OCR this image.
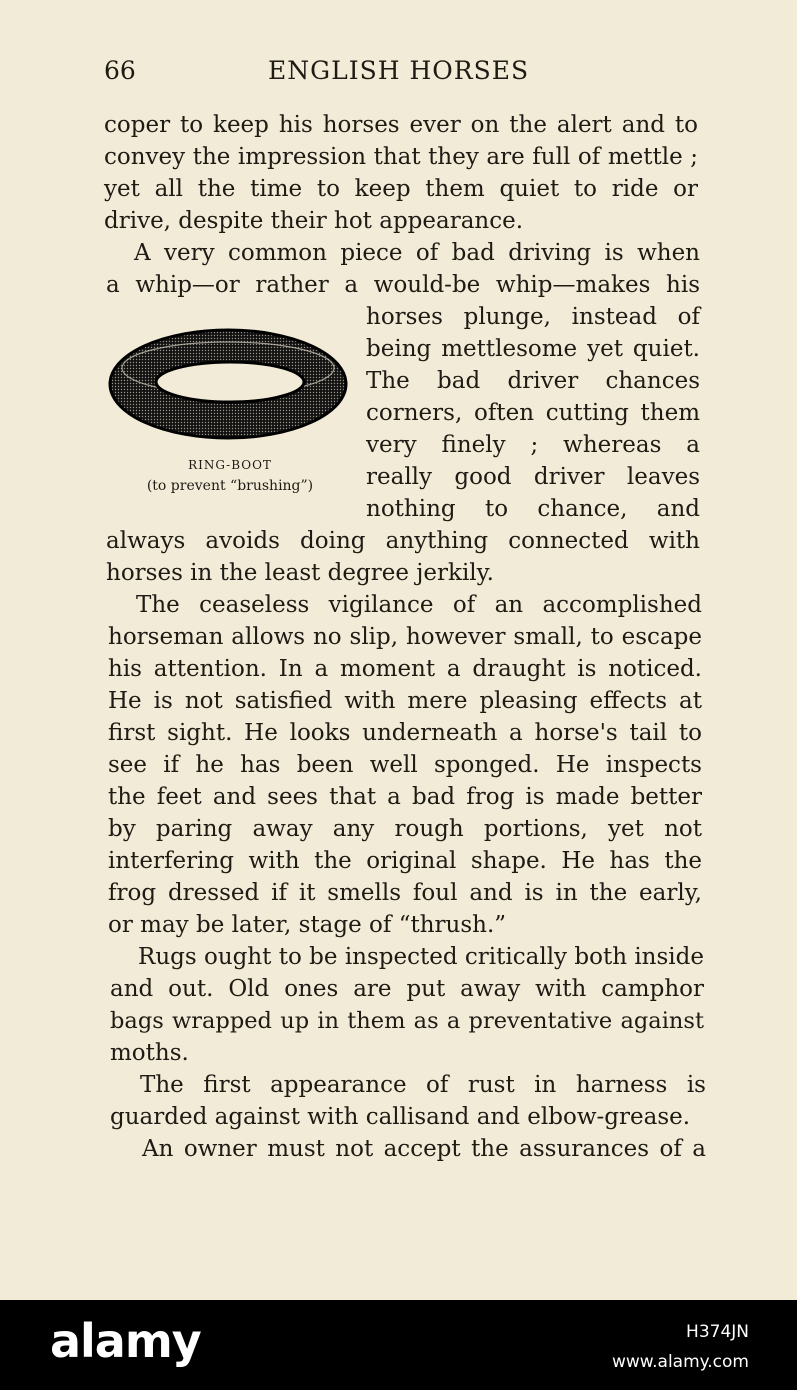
66	ENGLISH HORSES
coper to keep his horses ever on the alert and to
convey the impression that they are full of mettle ;
yet all the time to keep them quiet to ride or
drive, despite their hot appearance.
A very common piece of bad driving is when
a whip—or rather a would-be whip—makes his
horses plunge, instead of
being mettlesome yet quiet.
The bad driver chances
corners, often cutting them
very finely ; whereas a
really good driver leaves
nothing to chance, and
always avoids doing anything connected with
horses in the least degree jerkily.
The ceaseless vigilance of an accomplished
horseman allows no slip, however small, to escape
his attention. In a moment a draught is noticed.
He is not satisfied with mere pleasing effects at
first sight. He looks underneath a horse's tail to
see if he has been well sponged. He inspects
the feet and sees that a bad frog is made better
by paring away any rough portions, yet not
interfering with the original shape. He has the
frog dressed if it smells foul and is in the early,
or may be later, stage of “thrush.”
Rugs ought to be inspected critically both inside
and out. Old ones are put away with camphor
bags wrapped up in them as a preventative against
moths.
The first appearance of rust in harness is
guarded against with callisand and elbow-grease.
An owner must not accept the assurances of a
RING-BOOT
(to prevent “brushing”)
alamy	H374JN
www.alamy.com
